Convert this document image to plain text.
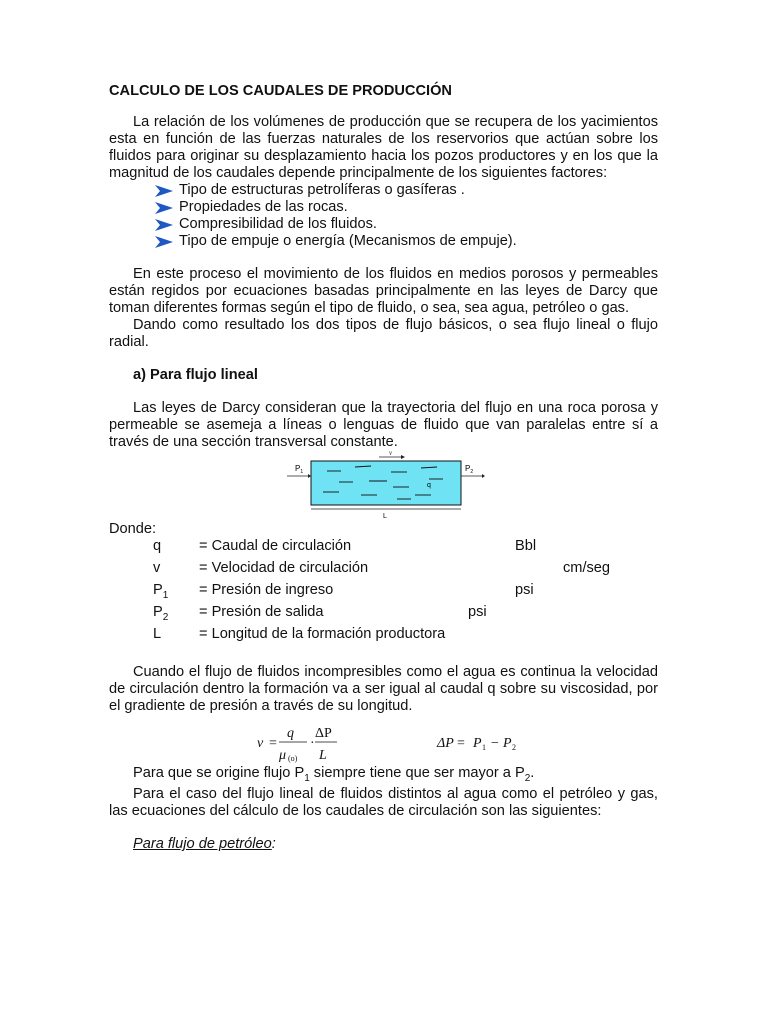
CALCULO DE LOS CAUDALES DE PRODUCCIÓN

La relación de los volúmenes de producción que se recupera de los yacimientos esta en función de las fuerzas naturales de los reservorios que actúan sobre los fluidos para originar su desplazamiento hacia los pozos productores y en los que la magnitud de los caudales depende principalmente de los siguientes factores:

Tipo de estructuras petrolíferas o gasíferas .
Propiedades de las rocas.
Compresibilidad de los fluidos.
Tipo de empuje o energía (Mecanismos de empuje).

En este proceso el movimiento de los fluidos en medios porosos y permeables están regidos por ecuaciones basadas principalmente en las leyes de Darcy que toman diferentes formas según el tipo de fluido, o sea, sea agua, petróleo o gas.

Dando como resultado los dos tipos de flujo básicos, o sea flujo lineal o flujo radial.

a) Para flujo lineal

Las leyes de Darcy consideran que la trayectoria del flujo en una roca porosa y permeable se asemeja a líneas o lenguas de fluido que van paralelas entre sí a través de una sección transversal constante.

v
q
$P_1$	$P_2$
L

Donde:

q	= Caudal de circulación	Bbl
v	= Velocidad de circulación	cm/seg
$P_1$	= Presión de ingreso	psi
$P_2$	= Presión de salida	psi
L	= Longitud de la formación productora	

Cuando el flujo de fluidos incompresibles como el agua es continua la velocidad de circulación dentro la formación va a ser igual al caudal q sobre su viscosidad, por el gradiente de presión a través de su longitud.

v =
q
μ (o)
·
ΔP
L
ΔP = P 1 − P 2

Para que se origine flujo $P_1$ siempre tiene que ser mayor a $P_2$.

Para el caso del flujo lineal de fluidos distintos al agua como el petróleo y gas, las ecuaciones del cálculo de los caudales de circulación son las siguientes:

Para flujo de petróleo:
